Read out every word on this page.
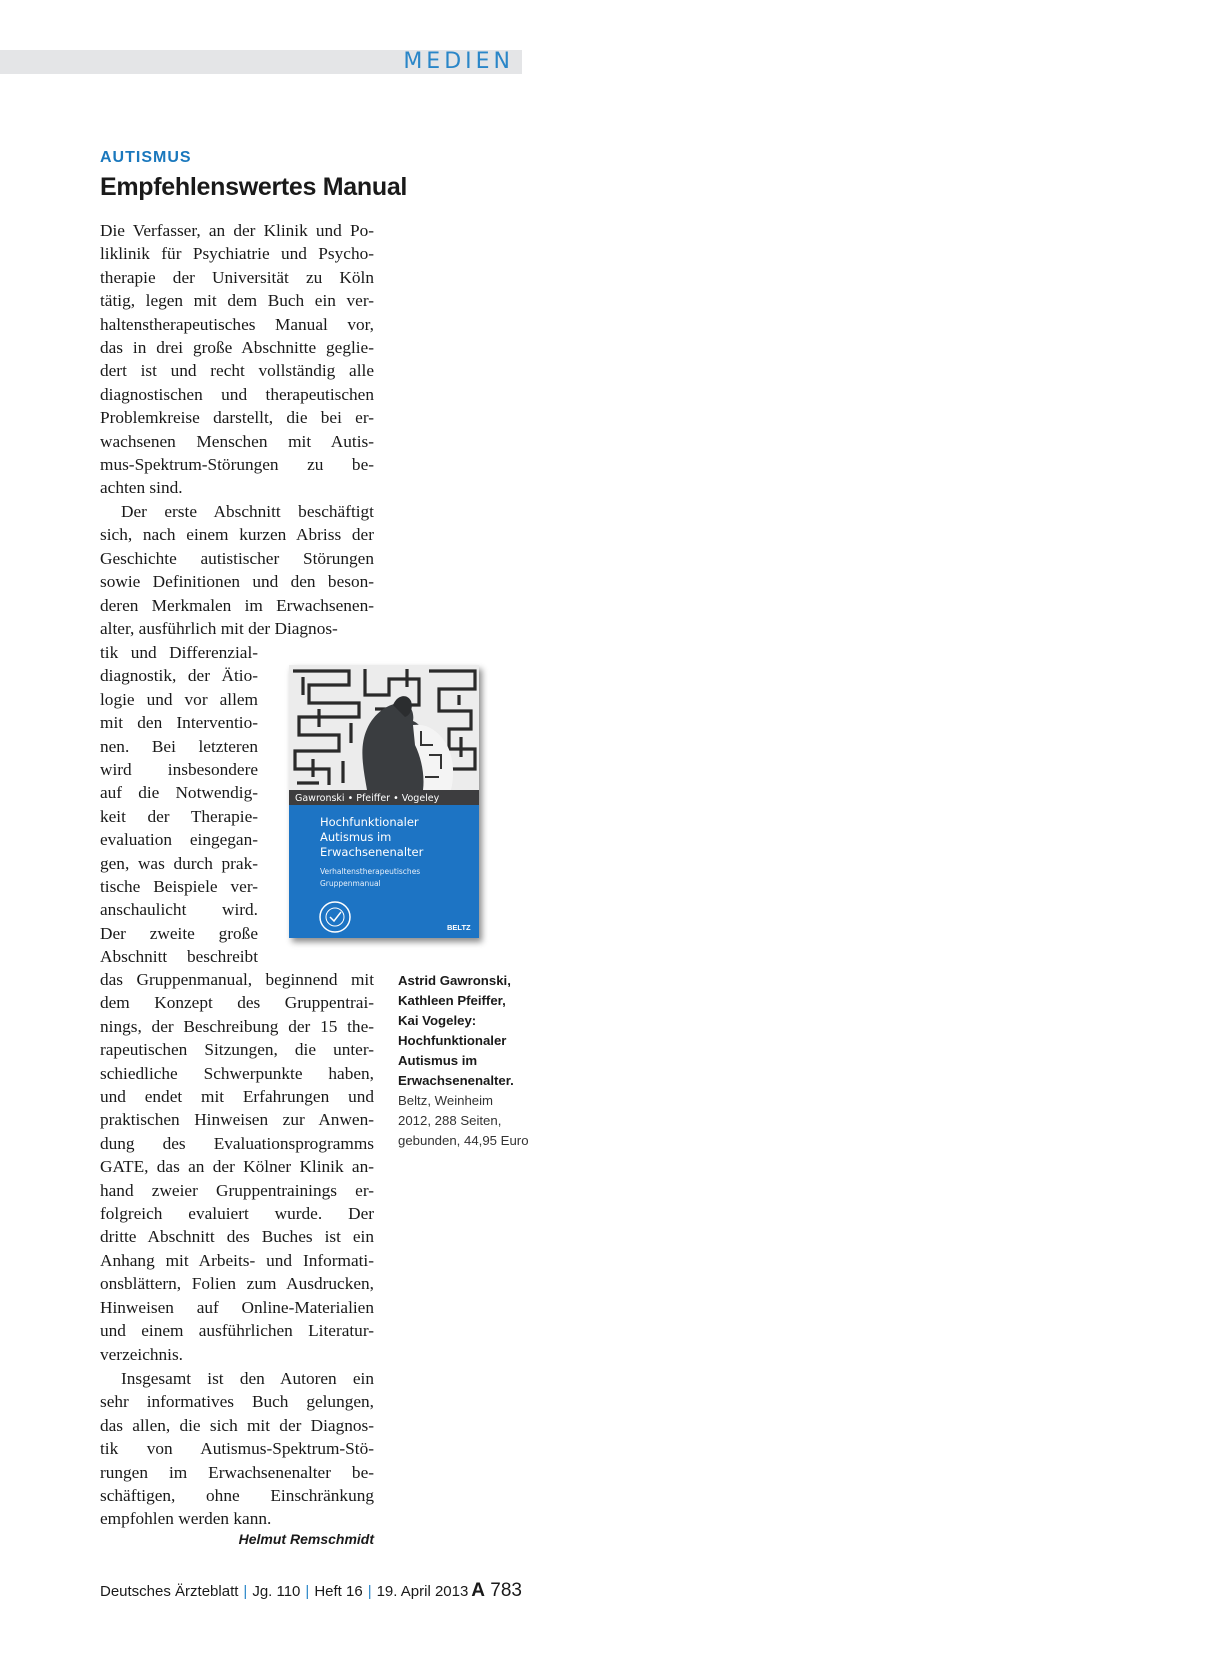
MEDIEN
AUTISMUS
Empfehlenswertes Manual
Die Verfasser, an der Klinik und Po-
liklinik für Psychiatrie und Psycho-
therapie der Universität zu Köln
tätig, legen mit dem Buch ein ver-
haltenstherapeutisches Manual vor,
das in drei große Abschnitte geglie-
dert ist und recht vollständig alle
diagnostischen und therapeutischen
Problemkreise darstellt, die bei er-
wachsenen Menschen mit Autis-
mus-Spektrum-Störungen zu be-
achten sind.
Der erste Abschnitt beschäftigt
sich, nach einem kurzen Abriss der
Geschichte autistischer Störungen
sowie Definitionen und den beson-
deren Merkmalen im Erwachsenen-
alter, ausführlich mit der Diagnos-
tik und Differenzial-
diagnostik, der Ätio-
logie und vor allem
mit den Interventio-
nen. Bei letzteren
wird insbesondere
auf die Notwendig-
keit der Therapie-
evaluation eingegan-
gen, was durch prak-
tische Beispiele ver-
anschaulicht wird.
Der zweite große
Abschnitt beschreibt
das Gruppenmanual, beginnend mit
dem Konzept des Gruppentrai-
nings, der Beschreibung der 15 the-
rapeutischen Sitzungen, die unter-
schiedliche Schwerpunkte haben,
und endet mit Erfahrungen und
praktischen Hinweisen zur Anwen-
dung des Evaluationsprogramms
GATE, das an der Kölner Klinik an-
hand zweier Gruppentrainings er-
folgreich evaluiert wurde. Der
dritte Abschnitt des Buches ist ein
Anhang mit Arbeits- und Informati-
onsblättern, Folien zum Ausdrucken,
Hinweisen auf Online-Materialien
und einem ausführlichen Literatur-
verzeichnis.
Insgesamt ist den Autoren ein
sehr informatives Buch gelungen,
das allen, die sich mit der Diagnos-
tik von Autismus-Spektrum-Stö-
rungen im Erwachsenenalter be-
schäftigen, ohne Einschränkung
empfohlen werden kann.
Helmut Remschmidt
Gawronski • Pfeiffer • Vogeley
Hochfunktionaler Autismus im Erwachsenenalter
Verhaltenstherapeutisches Gruppenmanual
BELTZ
Astrid Gawronski,
Kathleen Pfeiffer,
Kai Vogeley:
Hochfunktionaler
Autismus im
Erwachsenenalter.
Beltz, Weinheim
2012, 288 Seiten,
gebunden, 44,95 Euro
Deutsches Ärzteblatt | Jg. 110 | Heft 16 | 19. April 2013 A 783
